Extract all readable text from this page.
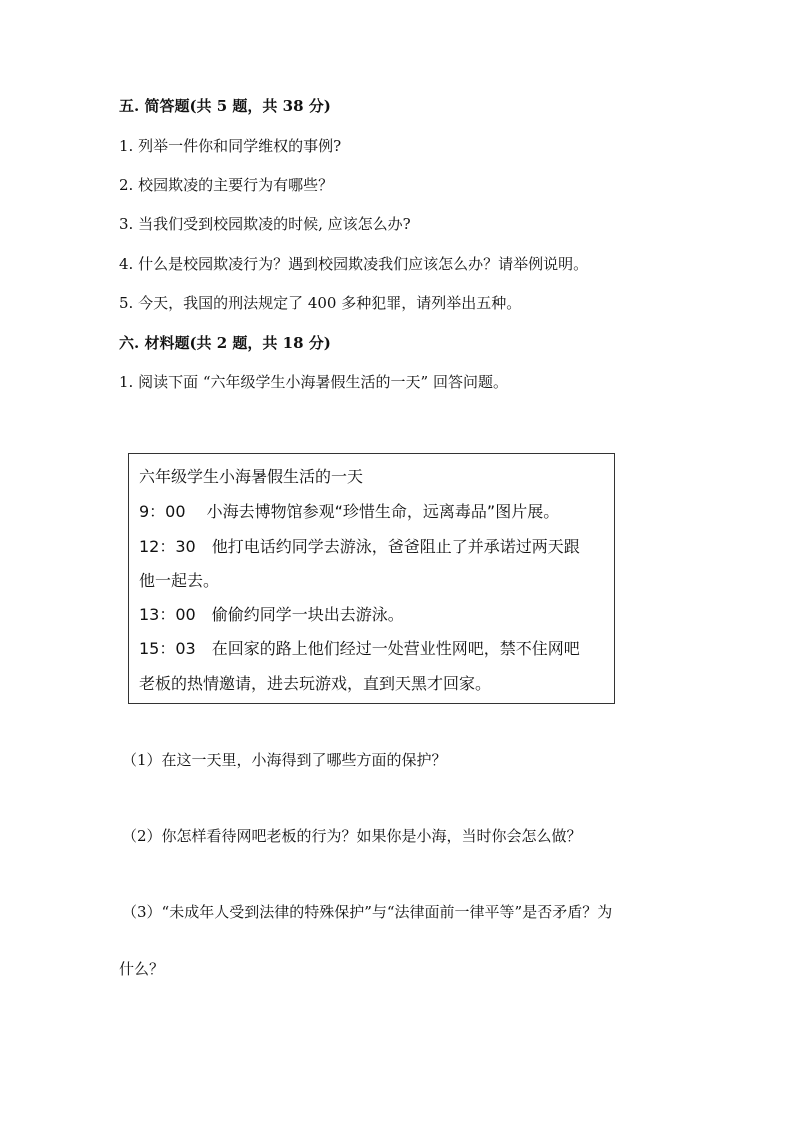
五. 简答题(共 5 题，共 38 分)
1. 列举一件你和同学维权的事例?
2. 校园欺凌的主要行为有哪些？
3. 当我们受到校园欺凌的时候, 应该怎么办?
4. 什么是校园欺凌行为？遇到校园欺凌我们应该怎么办？请举例说明。
5. 今天，我国的刑法规定了 400 多种犯罪，请列举出五种。
六. 材料题(共 2 题，共 18 分)
1. 阅读下面 “六年级学生小海暑假生活的一天” 回答问题。
六年级学生小海暑假生活的一天
9：00　 小海去博物馆参观“珍惜生命，远离毒品”图片展。
12：30　他打电话约同学去游泳，爸爸阻止了并承诺过两天跟
他一起去。
13：00　偷偷约同学一块出去游泳。
15：03　在回家的路上他们经过一处营业性网吧，禁不住网吧
老板的热情邀请，进去玩游戏，直到天黑才回家。
（1）在这一天里，小海得到了哪些方面的保护？
（2）你怎样看待网吧老板的行为？如果你是小海，当时你会怎么做？
（3）“未成年人受到法律的特殊保护”与“法律面前一律平等”是否矛盾？为
什么？
